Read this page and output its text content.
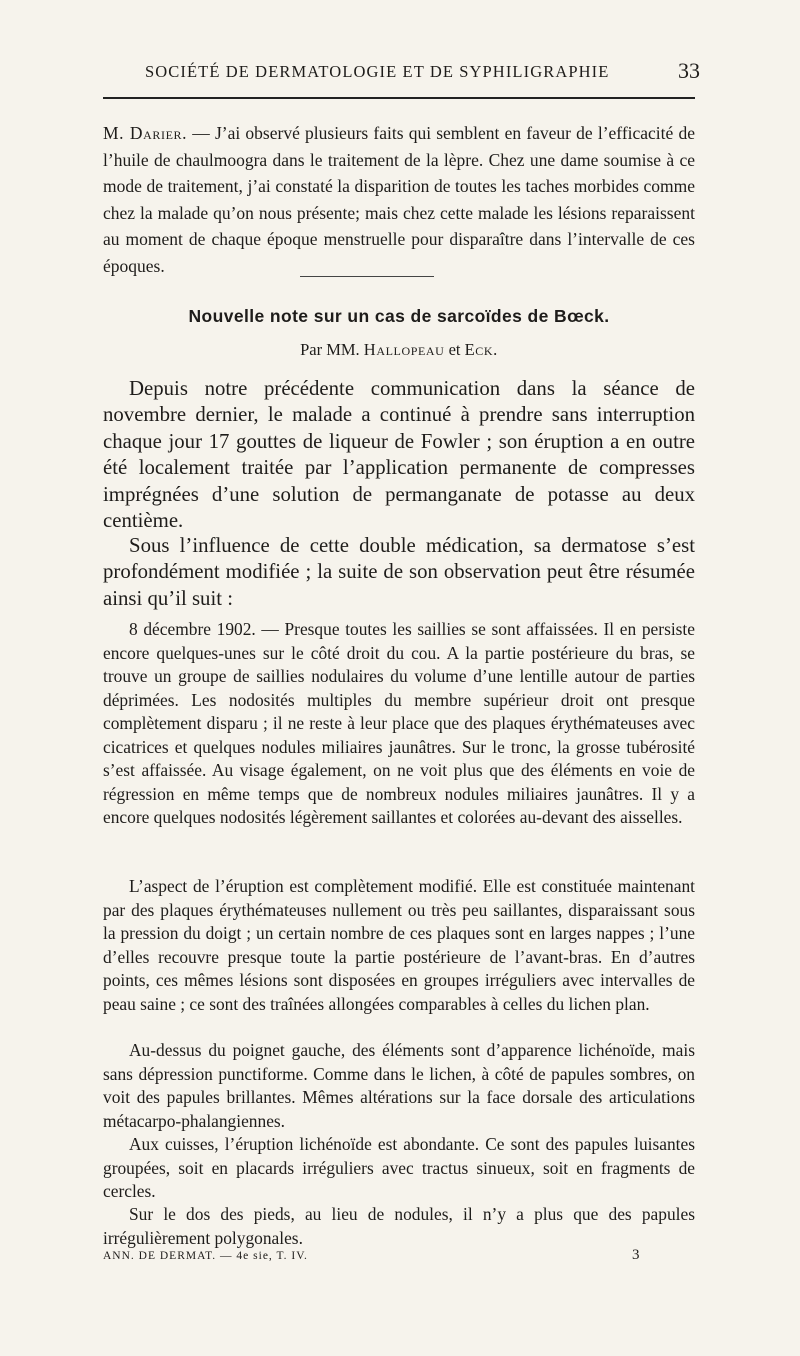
SOCIÉTÉ DE DERMATOLOGIE ET DE SYPHILIGRAPHIE	33

M. Darier. — J’ai observé plusieurs faits qui semblent en faveur de l’efficacité de l’huile de chaulmoogra dans le traitement de la lèpre. Chez une dame soumise à ce mode de traitement, j’ai constaté la disparition de toutes les taches morbides comme chez la malade qu’on nous présente; mais chez cette malade les lésions reparaissent au moment de chaque époque menstruelle pour disparaître dans l’intervalle de ces époques.

Nouvelle note sur un cas de sarcoïdes de Bœck.
Par MM. Hallopeau et Eck.

Depuis notre précédente communication dans la séance de novembre dernier, le malade a continué à prendre sans interruption chaque jour 17 gouttes de liqueur de Fowler ; son éruption a en outre été localement traitée par l’application permanente de compresses imprégnées d’une solution de permanganate de potasse au deux centième.

Sous l’influence de cette double médication, sa dermatose s’est profondément modifiée ; la suite de son observation peut être résumée ainsi qu’il suit :

8 décembre 1902. — Presque toutes les saillies se sont affaissées. Il en persiste encore quelques-unes sur le côté droit du cou. A la partie postérieure du bras, se trouve un groupe de saillies nodulaires du volume d’une lentille autour de parties déprimées. Les nodosités multiples du membre supérieur droit ont presque complètement disparu ; il ne reste à leur place que des plaques érythémateuses avec cicatrices et quelques nodules miliaires jaunâtres. Sur le tronc, la grosse tubérosité s’est affaissée. Au visage également, on ne voit plus que des éléments en voie de régression en même temps que de nombreux nodules miliaires jaunâtres. Il y a encore quelques nodosités légèrement saillantes et colorées au-devant des aisselles.

L’aspect de l’éruption est complètement modifié. Elle est constituée maintenant par des plaques érythémateuses nullement ou très peu saillantes, disparaissant sous la pression du doigt ; un certain nombre de ces plaques sont en larges nappes ; l’une d’elles recouvre presque toute la partie postérieure de l’avant-bras. En d’autres points, ces mêmes lésions sont disposées en groupes irréguliers avec intervalles de peau saine ; ce sont des traînées allongées comparables à celles du lichen plan.

Au-dessus du poignet gauche, des éléments sont d’apparence lichénoïde, mais sans dépression punctiforme. Comme dans le lichen, à côté de papules sombres, on voit des papules brillantes. Mêmes altérations sur la face dorsale des articulations métacarpo-phalangiennes.

Aux cuisses, l’éruption lichénoïde est abondante. Ce sont des papules luisantes groupées, soit en placards irréguliers avec tractus sinueux, soit en fragments de cercles.

Sur le dos des pieds, au lieu de nodules, il n’y a plus que des papules irrégulièrement polygonales.

ANN. DE DERMAT. — 4e sie, T. IV.	3
